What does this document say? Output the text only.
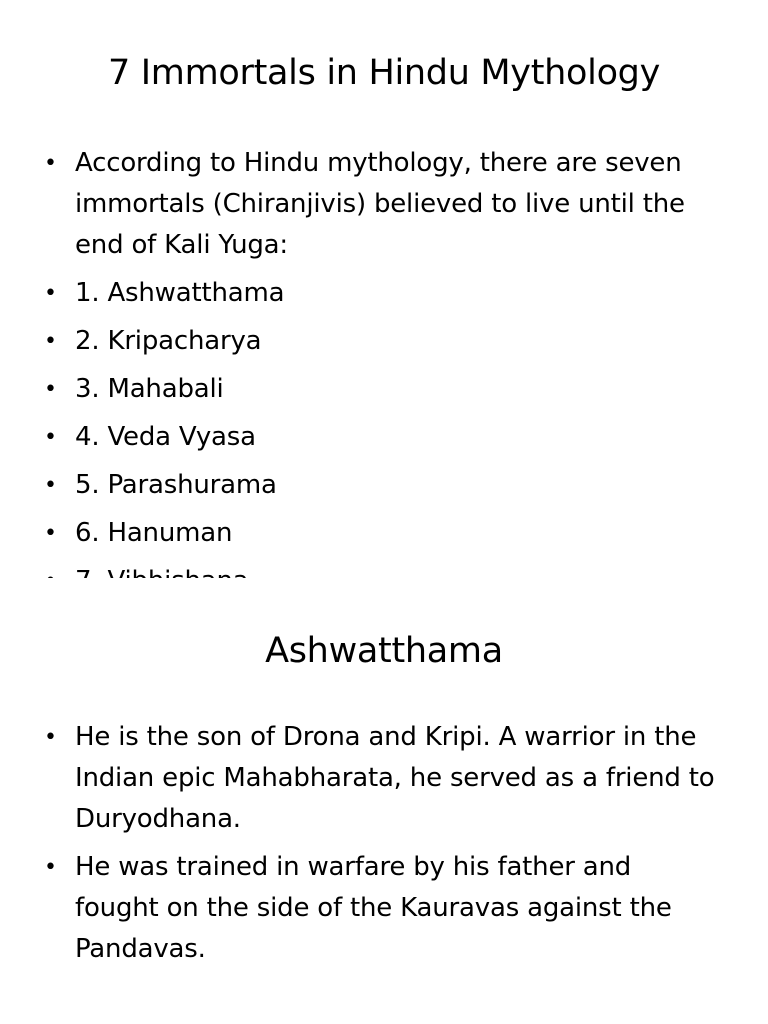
7 Immortals in Hindu Mythology
• According to Hindu mythology, there are seven immortals (Chiranjivis) believed to live until the end of Kali Yuga:
• 1. Ashwatthama
• 2. Kripacharya
• 3. Mahabali
• 4. Veda Vyasa
• 5. Parashurama
• 6. Hanuman
Ashwatthama
• He is the son of Drona and Kripi. A warrior in the Indian epic Mahabharata, he served as a friend to Duryodhana.
• He was trained in warfare by his father and fought on the side of the Kauravas against the Pandavas.
